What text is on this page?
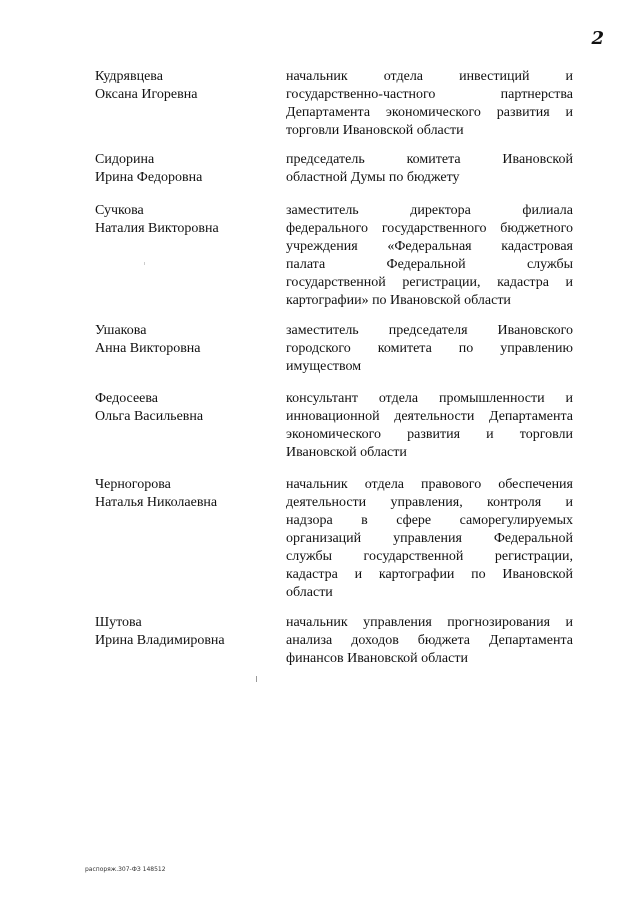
2
Кудрявцева
Оксана Игоревна
начальник отдела инвестиций и
государственно-частного партнерства
Департамента экономического развития и
торговли Ивановской области
Сидорина
Ирина Федоровна
председатель комитета Ивановской
областной Думы по бюджету
Сучкова
Наталия Викторовна
заместитель директора филиала
федерального государственного бюджетного
учреждения «Федеральная кадастровая
палата Федеральной службы
государственной регистрации, кадастра и
картографии» по Ивановской области
Ушакова
Анна Викторовна
заместитель председателя Ивановского
городского комитета по управлению
имуществом
Федосеева
Ольга Васильевна
консультант отдела промышленности и
инновационной деятельности Департамента
экономического развития и торговли
Ивановской области
Черногорова
Наталья Николаевна
начальник отдела правового обеспечения
деятельности управления, контроля и
надзора в сфере саморегулируемых
организаций управления Федеральной
службы государственной регистрации,
кадастра и картографии по Ивановской
области
Шутова
Ирина Владимировна
начальник управления прогнозирования и
анализа доходов бюджета Департамента
финансов Ивановской области
распоряж.307-ФЗ 148512
